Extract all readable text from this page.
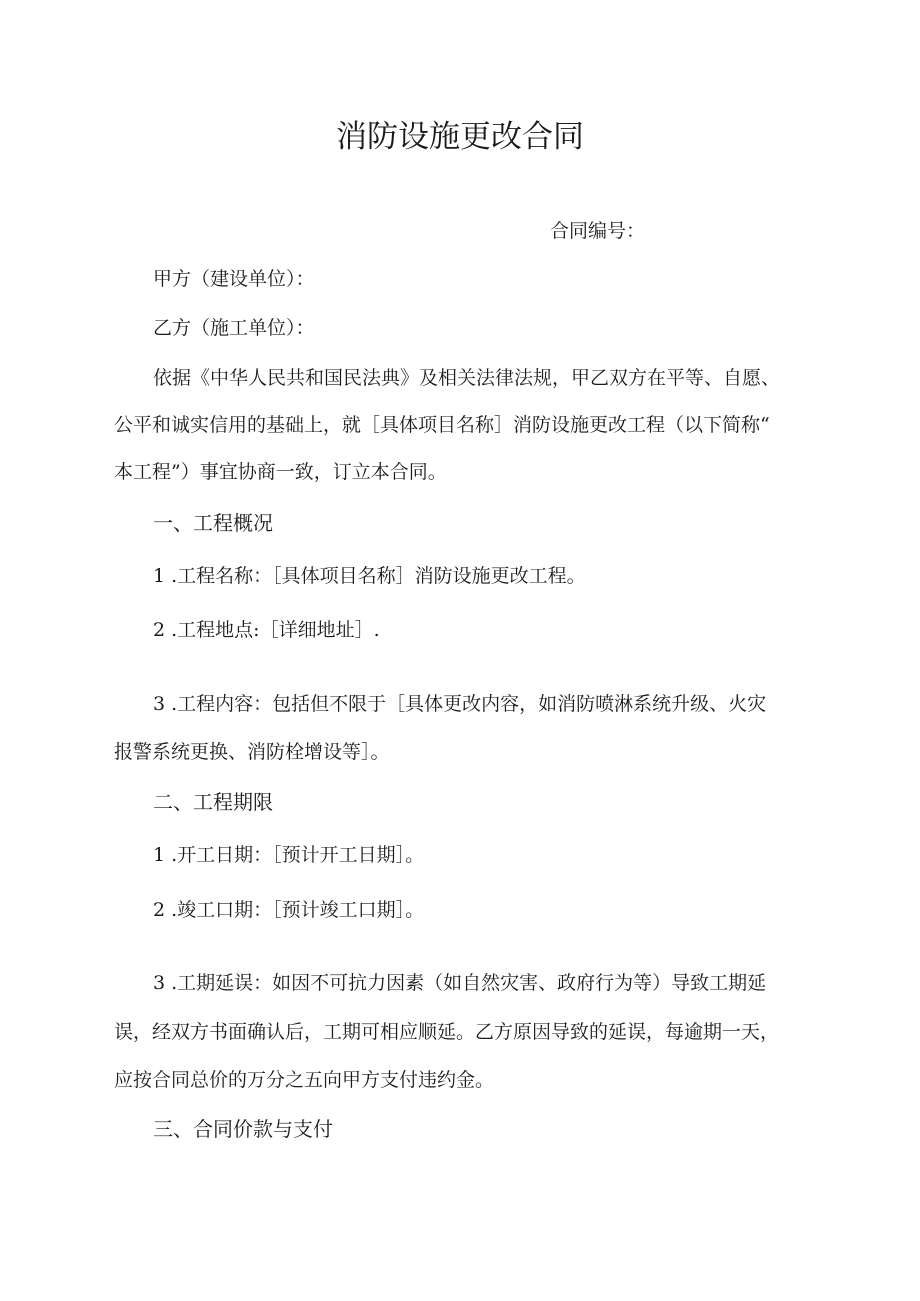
消防设施更改合同
合同编号：
甲方（建设单位）：
乙方（施工单位）：
依据《中华人民共和国民法典》及相关法律法规，甲乙双方在平等、自愿、
公平和诚实信用的基础上，就［具体项目名称］消防设施更改工程（以下简称“
本工程”）事宜协商一致，订立本合同。
一、工程概况
1 .工程名称：［具体项目名称］消防设施更改工程。
2 .工程地点:［详细地址］.
3 .工程内容：包括但不限于［具体更改内容，如消防喷淋系统升级、火灾
报警系统更换、消防栓增设等］。
二、工程期限
1 .开工日期：［预计开工日期］。
2 .竣工口期：［预计竣工口期］。
3 .工期延误：如因不可抗力因素（如自然灾害、政府行为等）导致工期延
误，经双方书面确认后，工期可相应顺延。乙方原因导致的延误，每逾期一天，
应按合同总价的万分之五向甲方支付违约金。
三、合同价款与支付
